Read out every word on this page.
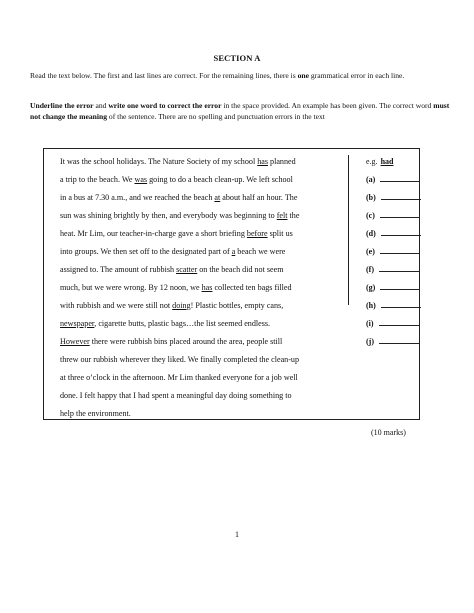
SECTION A
Read the text below. The first and last lines are correct. For the remaining lines, there is one grammatical error in each line.
Underline the error and write one word to correct the error in the space provided. An example has been given. The correct word must not change the meaning of the sentence. There are no spelling and punctuation errors in the text
It was the school holidays. The Nature Society of my school has planned
a trip to the beach. We was going to do a beach clean-up. We left school
in a bus at 7.30 a.m., and we reached the beach at about half an hour. The
sun was shining brightly by then, and everybody was beginning to felt the
heat. Mr Lim, our teacher-in-charge gave a short briefing before split us
into groups. We then set off to the designated part of a beach we were
assigned to. The amount of rubbish scatter on the beach did not seem
much, but we were wrong. By 12 noon, we has collected ten bags filled
with rubbish and we were still not doing! Plastic bottles, empty cans,
newspaper, cigarette butts, plastic bags…the list seemed endless.
However there were rubbish bins placed around the area, people still
threw our rubbish wherever they liked. We finally completed the clean-up
at three o’clock in the afternoon. Mr Lim thanked everyone for a job well
done. I felt happy that I had spent a meaningful day doing something to
help the environment.
e.g. had
(a)
(b)
(c)
(d)
(e)
(f)
(g)
(h)
(i)
(j)
(10 marks)
1
